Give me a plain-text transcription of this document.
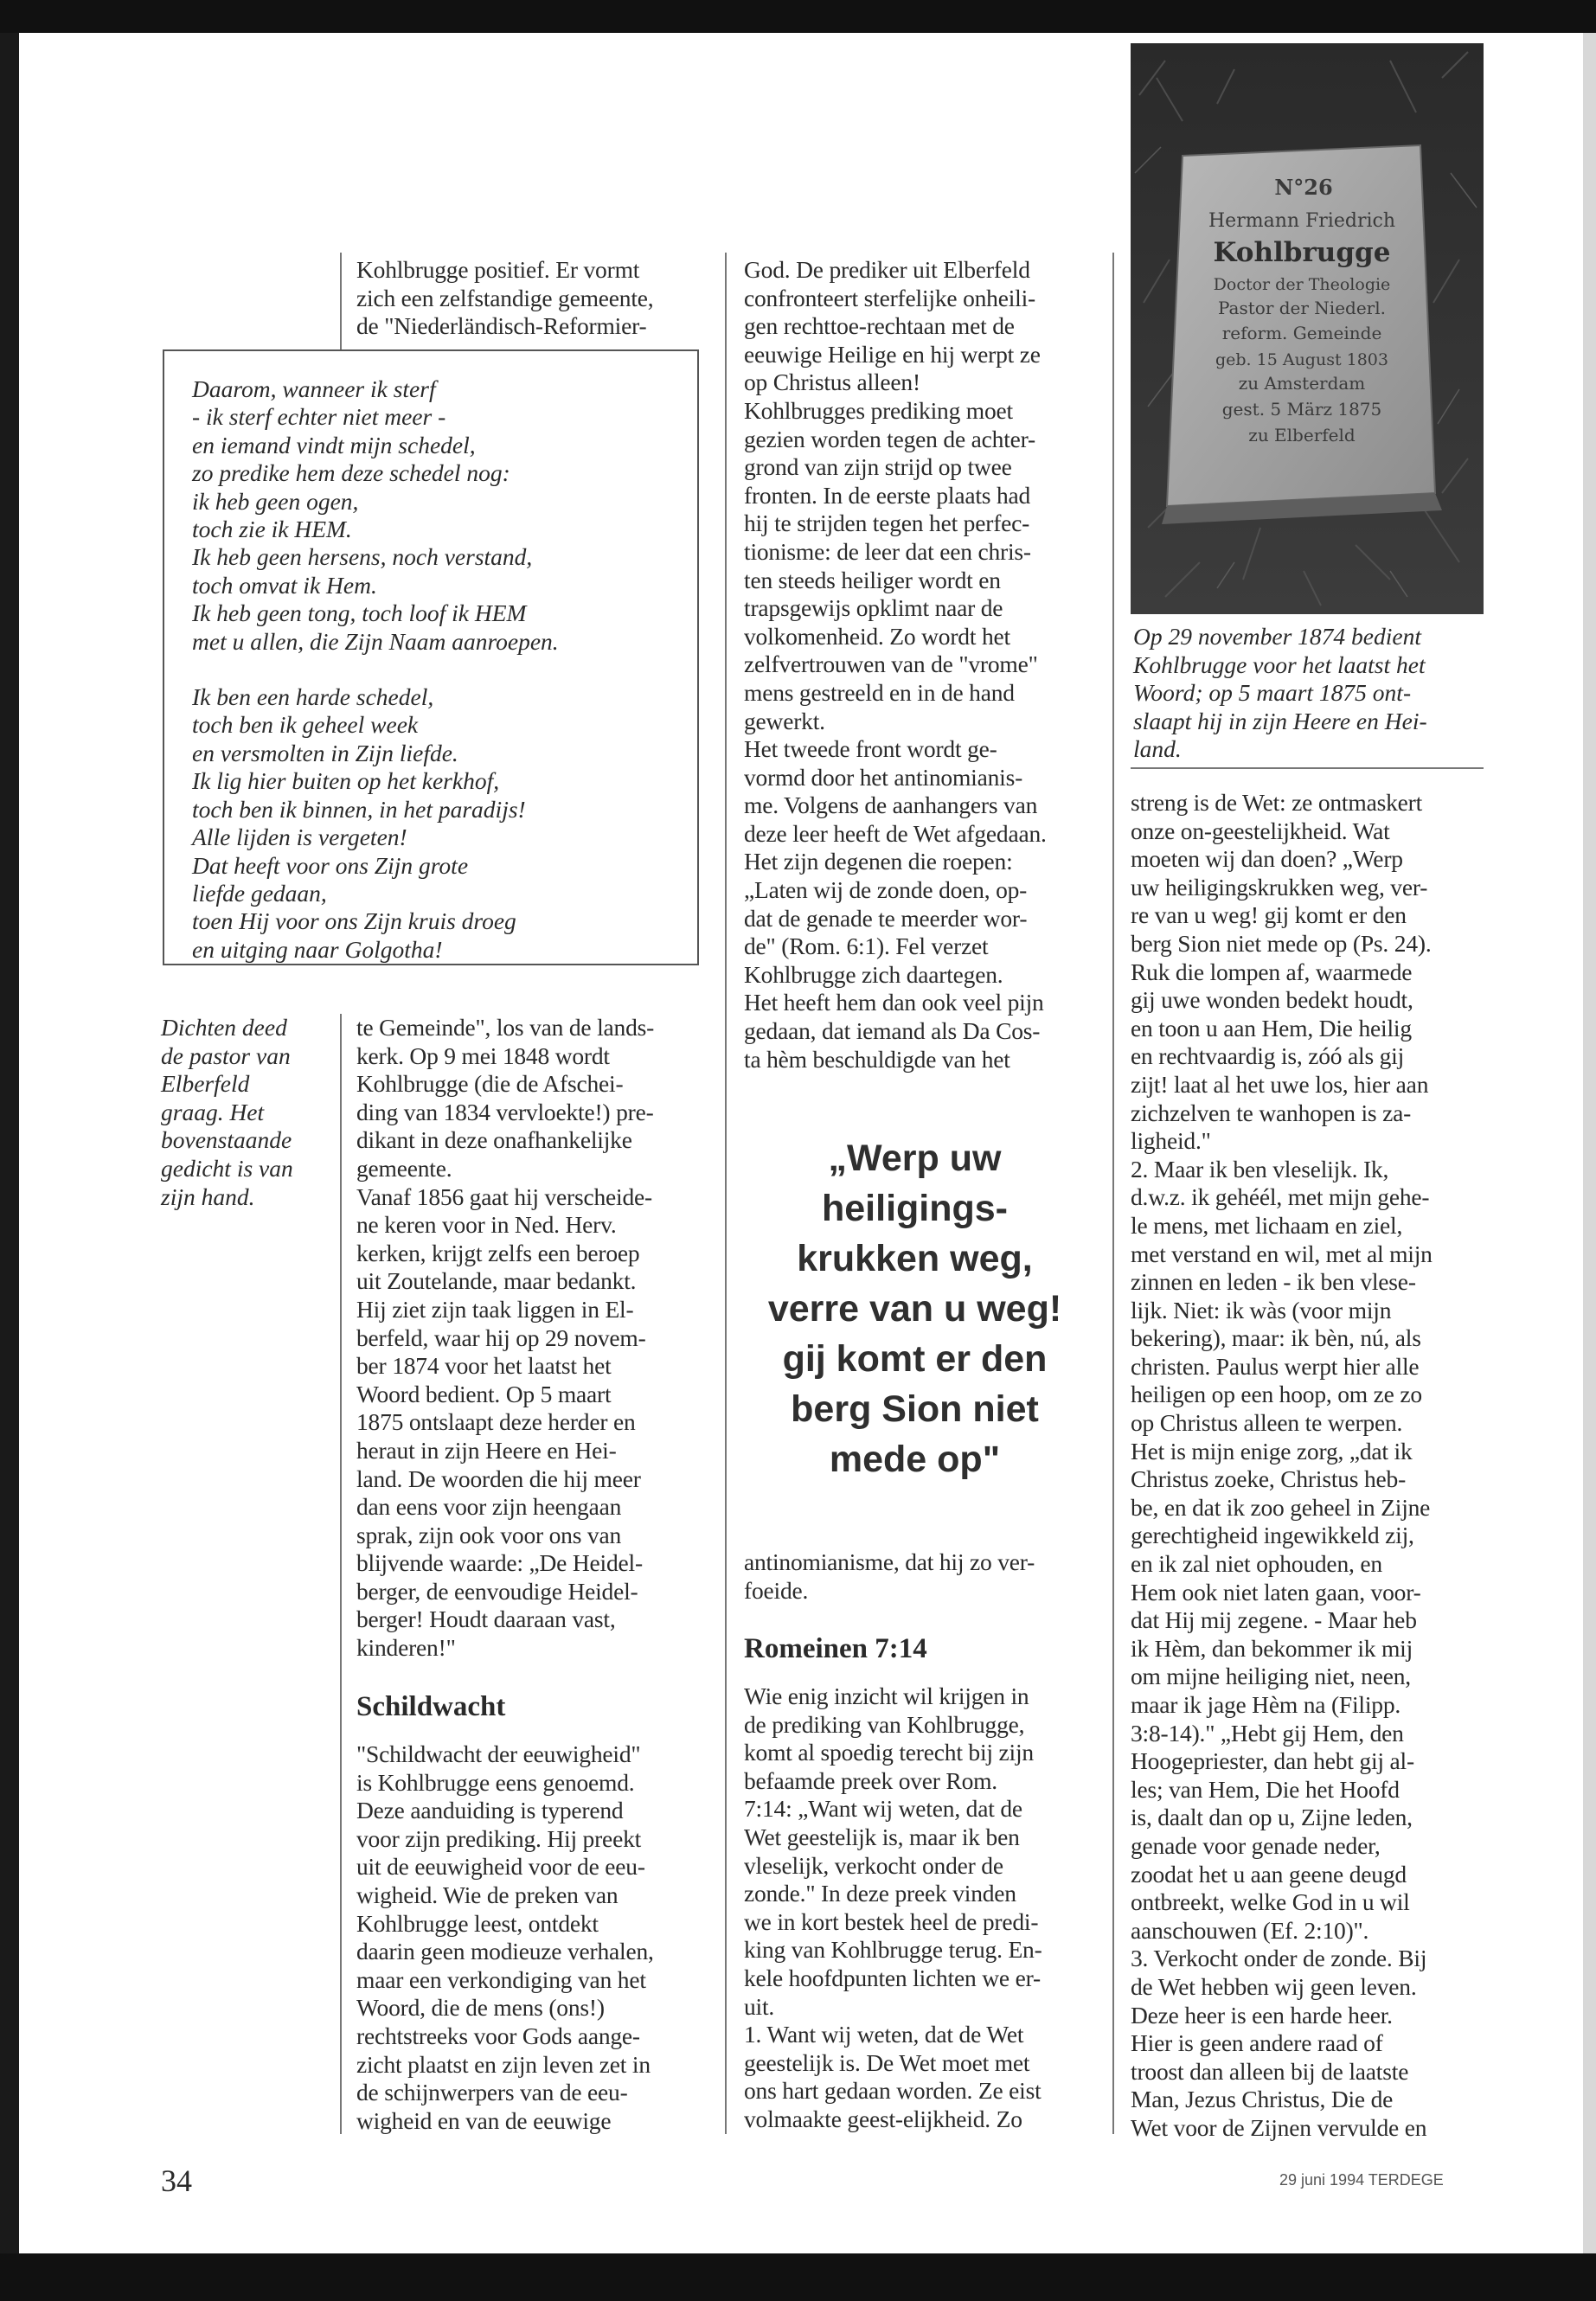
Kohlbrugge positief. Er vormt
zich een zelfstandige gemeente,
de "Niederländisch-Reformier-

Daarom, wanneer ik sterf
- ik sterf echter niet meer -
en iemand vindt mijn schedel,
zo predike hem deze schedel nog:
ik heb geen ogen,
toch zie ik HEM.
Ik heb geen hersens, noch verstand,
toch omvat ik Hem.
Ik heb geen tong, toch loof ik HEM
met u allen, die Zijn Naam aanroepen.

Ik ben een harde schedel,
toch ben ik geheel week
en versmolten in Zijn liefde.
Ik lig hier buiten op het kerkhof,
toch ben ik binnen, in het paradijs!
Alle lijden is vergeten!
Dat heeft voor ons Zijn grote
liefde gedaan,
toen Hij voor ons Zijn kruis droeg
en uitging naar Golgotha!

Dichten deed
de pastor van
Elberfeld
graag. Het
bovenstaande
gedicht is van
zijn hand.

te Gemeinde", los van de lands-
kerk. Op 9 mei 1848 wordt
Kohlbrugge (die de Afschei-
ding van 1834 vervloekte!) pre-
dikant in deze onafhankelijke
gemeente.
Vanaf 1856 gaat hij verscheide-
ne keren voor in Ned. Herv.
kerken, krijgt zelfs een beroep
uit Zoutelande, maar bedankt.
Hij ziet zijn taak liggen in El-
berfeld, waar hij op 29 novem-
ber 1874 voor het laatst het
Woord bedient. Op 5 maart
1875 ontslaapt deze herder en
heraut in zijn Heere en Hei-
land. De woorden die hij meer
dan eens voor zijn heengaan
sprak, zijn ook voor ons van
blijvende waarde: „De Heidel-
berger, de eenvoudige Heidel-
berger! Houdt daaraan vast,
kinderen!"

Schildwacht

"Schildwacht der eeuwigheid"
is Kohlbrugge eens genoemd.
Deze aanduiding is typerend
voor zijn prediking. Hij preekt
uit de eeuwigheid voor de eeu-
wigheid. Wie de preken van
Kohlbrugge leest, ontdekt
daarin geen modieuze verhalen,
maar een verkondiging van het
Woord, die de mens (ons!)
rechtstreeks voor Gods aange-
zicht plaatst en zijn leven zet in
de schijnwerpers van de eeu-
wigheid en van de eeuwige

God. De prediker uit Elberfeld
confronteert sterfelijke onheili-
gen rechttoe-rechtaan met de
eeuwige Heilige en hij werpt ze
op Christus alleen!
Kohlbrugges prediking moet
gezien worden tegen de achter-
grond van zijn strijd op twee
fronten. In de eerste plaats had
hij te strijden tegen het perfec-
tionisme: de leer dat een chris-
ten steeds heiliger wordt en
trapsgewijs opklimt naar de
volkomenheid. Zo wordt het
zelfvertrouwen van de "vrome"
mens gestreeld en in de hand
gewerkt.
Het tweede front wordt ge-
vormd door het antinomianis-
me. Volgens de aanhangers van
deze leer heeft de Wet afgedaan.
Het zijn degenen die roepen:
„Laten wij de zonde doen, op-
dat de genade te meerder wor-
de" (Rom. 6:1). Fel verzet
Kohlbrugge zich daartegen.
Het heeft hem dan ook veel pijn
gedaan, dat iemand als Da Cos-
ta hèm beschuldigde van het

„Werp uw
heiligings-
krukken weg,
verre van u weg!
gij komt er den
berg Sion niet
mede op"

antinomianisme, dat hij zo ver-
foeide.

Romeinen 7:14

Wie enig inzicht wil krijgen in
de prediking van Kohlbrugge,
komt al spoedig terecht bij zijn
befaamde preek over Rom.
7:14: „Want wij weten, dat de
Wet geestelijk is, maar ik ben
vleselijk, verkocht onder de
zonde." In deze preek vinden
we in kort bestek heel de predi-
king van Kohlbrugge terug. En-
kele hoofdpunten lichten we er-
uit.
1. Want wij weten, dat de Wet
geestelijk is. De Wet moet met
ons hart gedaan worden. Ze eist
volmaakte geest-elijkheid. Zo

N°26
Hermann Friedrich
Kohlbrugge
Doctor der Theologie
Pastor der Niederl.
reform. Gemeinde
geb. 15 August 1803
zu Amsterdam
gest. 5 März 1875
zu Elberfeld
Op 29 november 1874 bedient
Kohlbrugge voor het laatst het
Woord; op 5 maart 1875 ont-
slaapt hij in zijn Heere en Hei-
land.

streng is de Wet: ze ontmaskert
onze on-geestelijkheid. Wat
moeten wij dan doen? „Werp
uw heiligingskrukken weg, ver-
re van u weg! gij komt er den
berg Sion niet mede op (Ps. 24).
Ruk die lompen af, waarmede
gij uwe wonden bedekt houdt,
en toon u aan Hem, Die heilig
en rechtvaardig is, zóó als gij
zijt! laat al het uwe los, hier aan
zichzelven te wanhopen is za-
ligheid."
2. Maar ik ben vleselijk. Ik,
d.w.z. ik gehéél, met mijn gehe-
le mens, met lichaam en ziel,
met verstand en wil, met al mijn
zinnen en leden - ik ben vlese-
lijk. Niet: ik wàs (voor mijn
bekering), maar: ik bèn, nú, als
christen. Paulus werpt hier alle
heiligen op een hoop, om ze zo
op Christus alleen te werpen.
Het is mijn enige zorg, „dat ik
Christus zoeke, Christus heb-
be, en dat ik zoo geheel in Zijne
gerechtigheid ingewikkeld zij,
en ik zal niet ophouden, en
Hem ook niet laten gaan, voor-
dat Hij mij zegene. - Maar heb
ik Hèm, dan bekommer ik mij
om mijne heiliging niet, neen,
maar ik jage Hèm na (Filipp.
3:8-14)." „Hebt gij Hem, den
Hoogepriester, dan hebt gij al-
les; van Hem, Die het Hoofd
is, daalt dan op u, Zijne leden,
genade voor genade neder,
zoodat het u aan geene deugd
ontbreekt, welke God in u wil
aanschouwen (Ef. 2:10)".
3. Verkocht onder de zonde. Bij
de Wet hebben wij geen leven.
Deze heer is een harde heer.
Hier is geen andere raad of
troost dan alleen bij de laatste
Man, Jezus Christus, Die de
Wet voor de Zijnen vervulde en

34	29 juni 1994 TERDEGE
